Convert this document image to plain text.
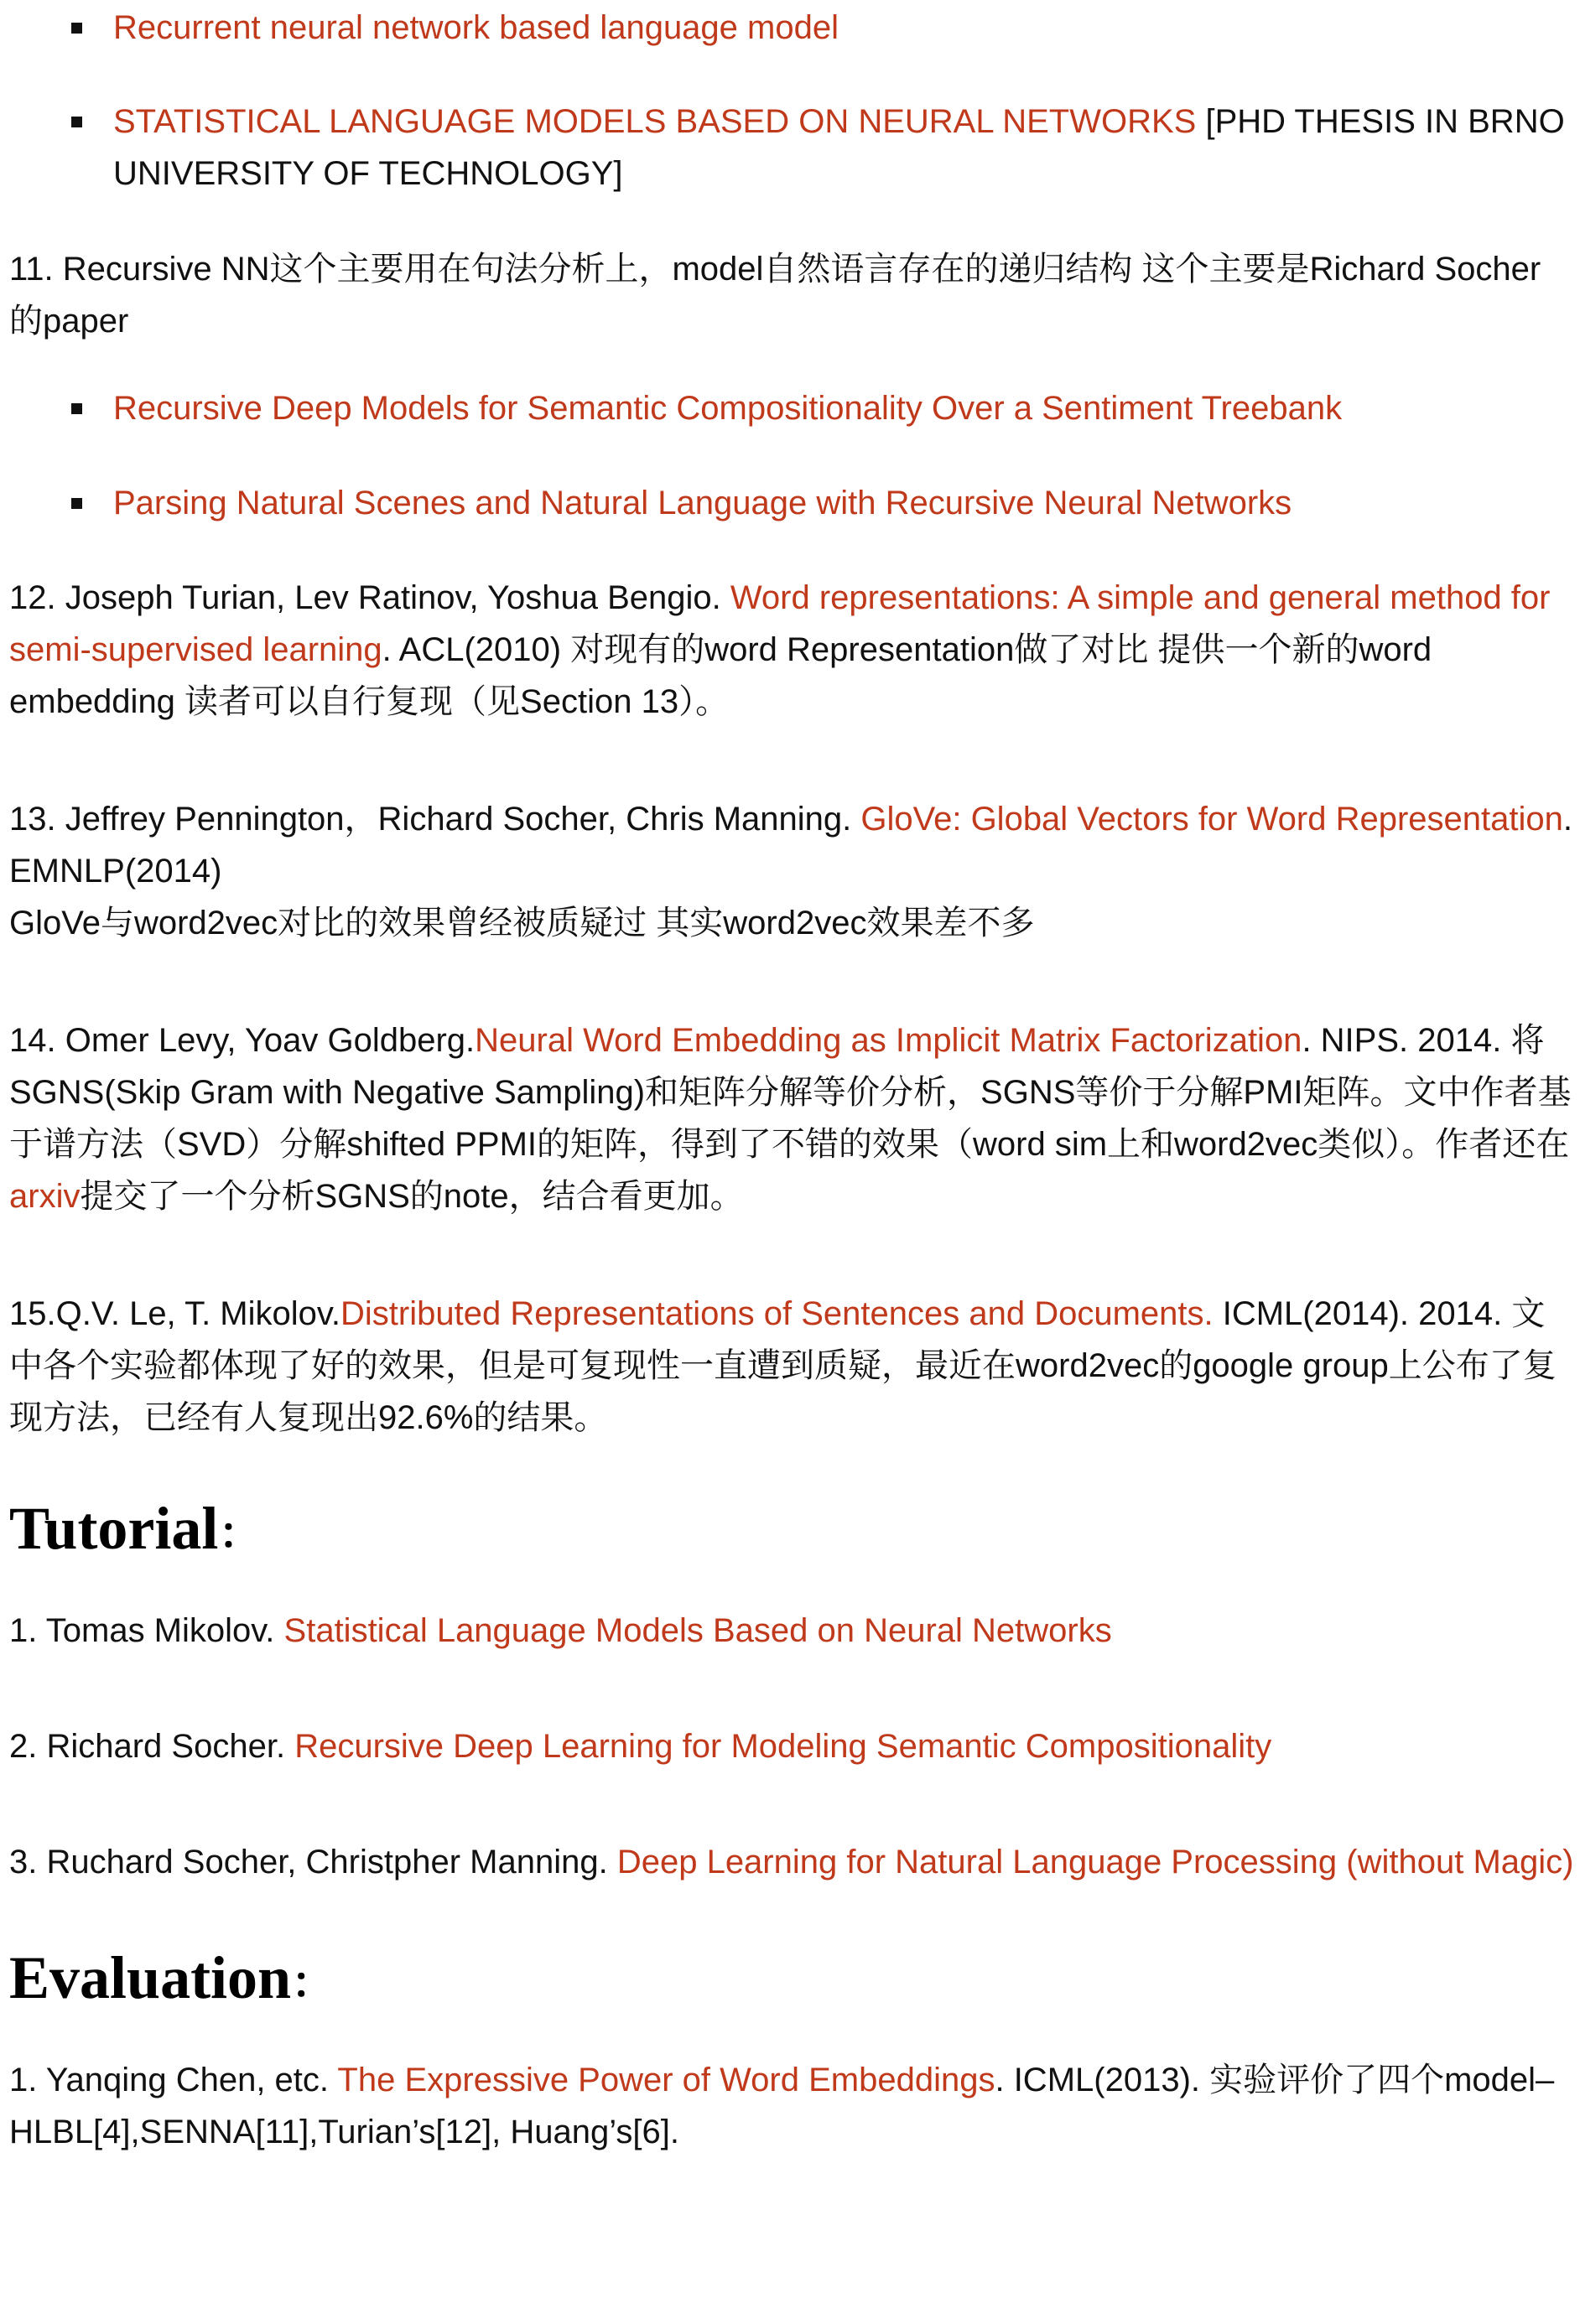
Recurrent neural network based language model
STATISTICAL LANGUAGE MODELS BASED ON NEURAL NETWORKS [PHD THESIS IN BRNO UNIVERSITY OF TECHNOLOGY]

11. Recursive NN这个主要用在句法分析上，model自然语言存在的递归结构 这个主要是Richard Socher的paper

Recursive Deep Models for Semantic Compositionality Over a Sentiment Treebank
Parsing Natural Scenes and Natural Language with Recursive Neural Networks

12. Joseph Turian, Lev Ratinov, Yoshua Bengio. Word representations: A simple and general method for semi-supervised learning. ACL(2010) 对现有的word Representation做了对比 提供一个新的word embedding 读者可以自行复现（见Section 13）。

13. Jeffrey Pennington，Richard Socher, Chris Manning. GloVe: Global Vectors for Word Representation. EMNLP(2014)
GloVe与word2vec对比的效果曾经被质疑过 其实word2vec效果差不多

14. Omer Levy, Yoav Goldberg.Neural Word Embedding as Implicit Matrix Factorization. NIPS. 2014. 将SGNS(Skip Gram with Negative Sampling)和矩阵分解等价分析，SGNS等价于分解PMI矩阵。文中作者基于谱方法（SVD）分解shifted PPMI的矩阵，得到了不错的效果（word sim上和word2vec类似）。作者还在arxiv提交了一个分析SGNS的note，结合看更加。

15.Q.V. Le, T. Mikolov.Distributed Representations of Sentences and Documents. ICML(2014). 2014. 文中各个实验都体现了好的效果，但是可复现性一直遭到质疑，最近在word2vec的google group上公布了复现方法，已经有人复现出92.6%的结果。

Tutorial：

1. Tomas Mikolov. Statistical Language Models Based on Neural Networks

2. Richard Socher. Recursive Deep Learning for Modeling Semantic Compositionality

3. Ruchard Socher, Christpher Manning. Deep Learning for Natural Language Processing (without Magic)

Evaluation：

1. Yanqing Chen, etc. The Expressive Power of Word Embeddings. ICML(2013). 实验评价了四个model–HLBL[4],SENNA[11],Turian’s[12], Huang’s[6].
